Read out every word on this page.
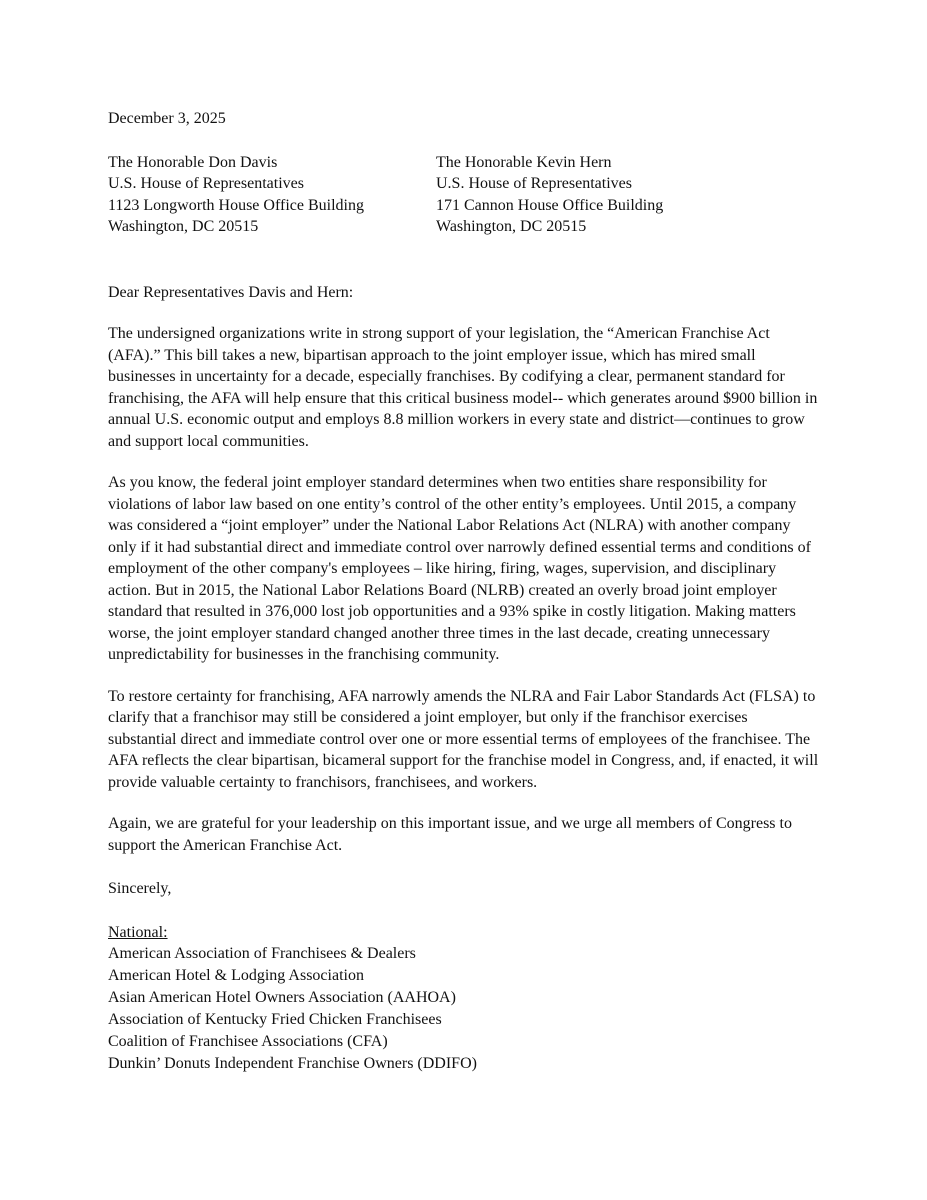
December 3, 2025

The Honorable Don Davis
U.S. House of Representatives
1123 Longworth House Office Building
Washington, DC 20515
The Honorable Kevin Hern
U.S. House of Representatives
171 Cannon House Office Building
Washington, DC 20515

Dear Representatives Davis and Hern:

The undersigned organizations write in strong support of your legislation, the “American Franchise Act (AFA).” This bill takes a new, bipartisan approach to the joint employer issue, which has mired small businesses in uncertainty for a decade, especially franchises. By codifying a clear, permanent standard for franchising, the AFA will help ensure that this critical business model-- which generates around $900 billion in annual U.S. economic output and employs 8.8 million workers in every state and district—continues to grow and support local communities.

As you know, the federal joint employer standard determines when two entities share responsibility for violations of labor law based on one entity’s control of the other entity’s employees. Until 2015, a company was considered a “joint employer” under the National Labor Relations Act (NLRA) with another company only if it had substantial direct and immediate control over narrowly defined essential terms and conditions of employment of the other company's employees – like hiring, firing, wages, supervision, and disciplinary action. But in 2015, the National Labor Relations Board (NLRB) created an overly broad joint employer standard that resulted in 376,000 lost job opportunities and a 93% spike in costly litigation. Making matters worse, the joint employer standard changed another three times in the last decade, creating unnecessary unpredictability for businesses in the franchising community.

To restore certainty for franchising, AFA narrowly amends the NLRA and Fair Labor Standards Act (FLSA) to clarify that a franchisor may still be considered a joint employer, but only if the franchisor exercises substantial direct and immediate control over one or more essential terms of employees of the franchisee. The AFA reflects the clear bipartisan, bicameral support for the franchise model in Congress, and, if enacted, it will provide valuable certainty to franchisors, franchisees, and workers.

Again, we are grateful for your leadership on this important issue, and we urge all members of Congress to support the American Franchise Act.

Sincerely,

National:

American Association of Franchisees & Dealers
American Hotel & Lodging Association
Asian American Hotel Owners Association (AAHOA)
Association of Kentucky Fried Chicken Franchisees
Coalition of Franchisee Associations (CFA)
Dunkin’ Donuts Independent Franchise Owners (DDIFO)
